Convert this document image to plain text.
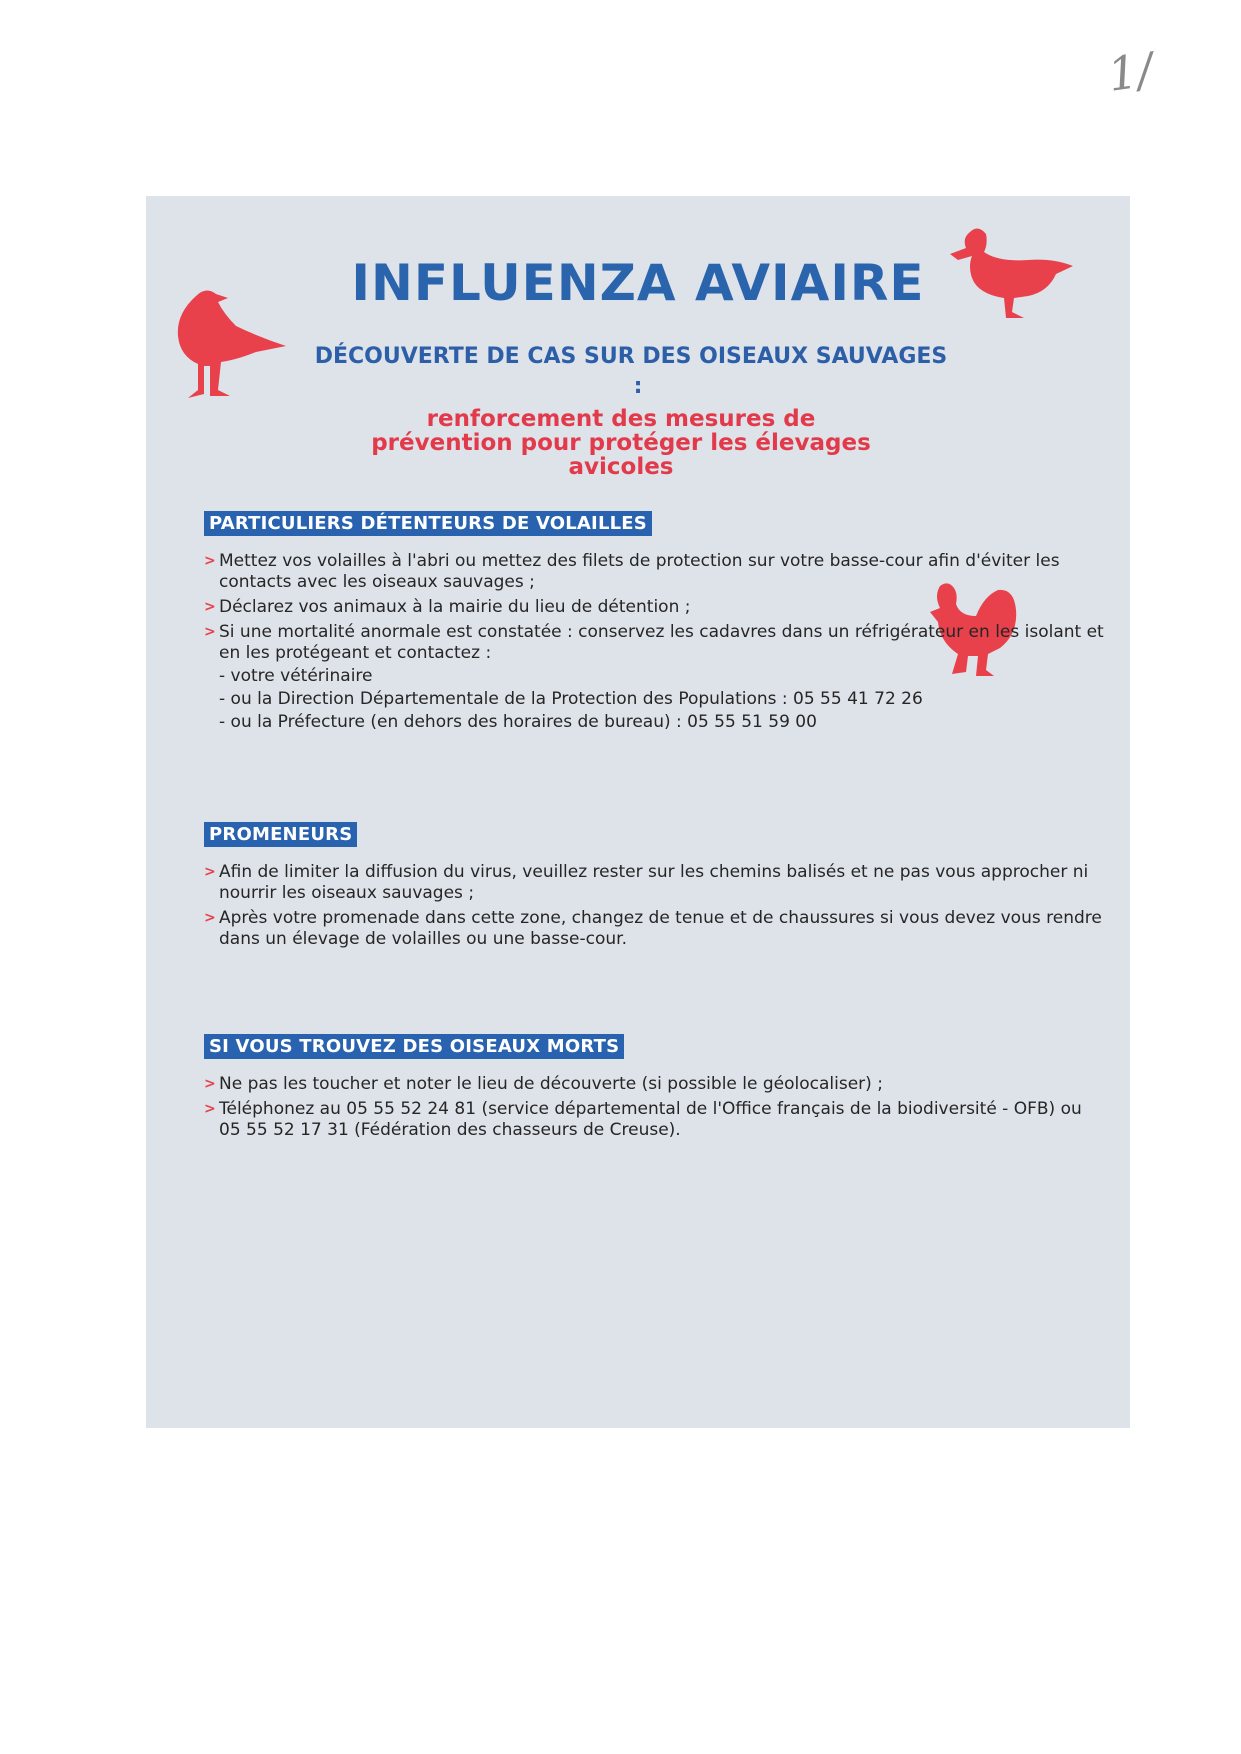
1/
INFLUENZA AVIAIRE
DÉCOUVERTE DE CAS SUR DES OISEAUX SAUVAGES
:
renforcement des mesures de prévention pour protéger les élevages avicoles
PARTICULIERS DÉTENTEURS DE VOLAILLES
> Mettez vos volailles à l'abri ou mettez des filets de protection sur votre basse-cour afin d'éviter les contacts avec les oiseaux sauvages ;
> Déclarez vos animaux à la mairie du lieu de détention ;
> Si une mortalité anormale est constatée : conservez les cadavres dans un réfrigérateur en les isolant et en les protégeant et contactez :
- votre vétérinaire
- ou la Direction Départementale de la Protection des Populations : 05 55 41 72 26
- ou la Préfecture (en dehors des horaires de bureau) : 05 55 51 59 00
PROMENEURS
> Afin de limiter la diffusion du virus, veuillez rester sur les chemins balisés et ne pas vous approcher ni nourrir les oiseaux sauvages ;
> Après votre promenade dans cette zone, changez de tenue et de chaussures si vous devez vous rendre dans un élevage de volailles ou une basse-cour.
SI VOUS TROUVEZ DES OISEAUX MORTS
> Ne pas les toucher et noter le lieu de découverte (si possible le géolocaliser) ;
> Téléphonez au 05 55 52 24 81 (service départemental de l'Office français de la biodiversité - OFB) ou 05 55 52 17 31 (Fédération des chasseurs de Creuse).
